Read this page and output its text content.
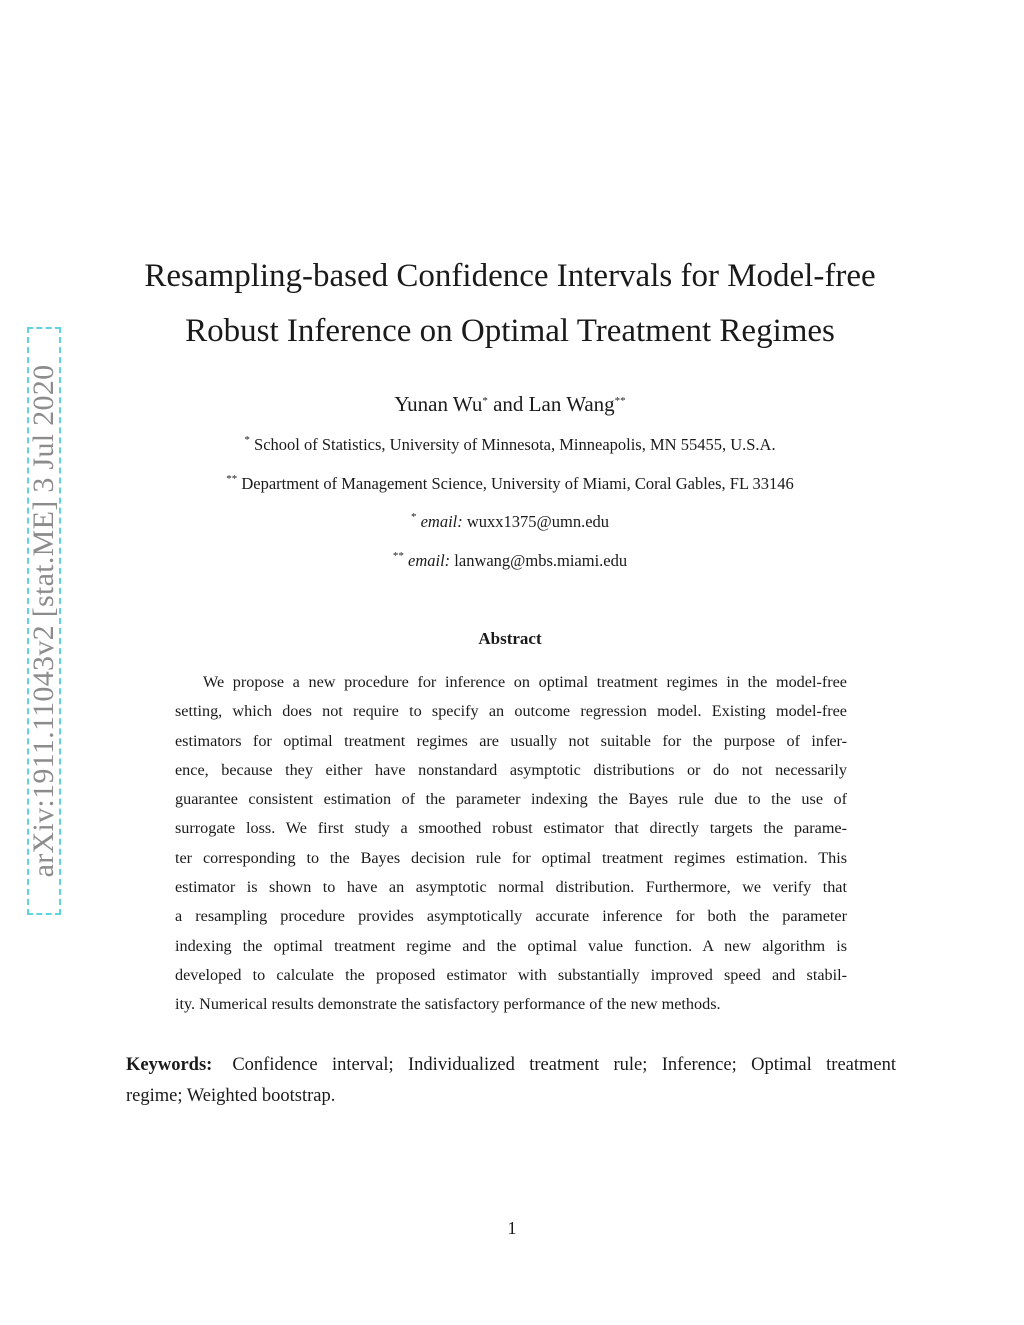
arXiv:1911.11043v2 [stat.ME] 3 Jul 2020
Resampling-based Confidence Intervals for Model-free
Robust Inference on Optimal Treatment Regimes
Yunan Wu* and Lan Wang**
* School of Statistics, University of Minnesota, Minneapolis, MN 55455, U.S.A.
** Department of Management Science, University of Miami, Coral Gables, FL 33146
* email: wuxx1375@umn.edu
** email: lanwang@mbs.miami.edu
Abstract
We propose a new procedure for inference on optimal treatment regimes in the model-free
setting, which does not require to specify an outcome regression model. Existing model-free
estimators for optimal treatment regimes are usually not suitable for the purpose of infer-
ence, because they either have nonstandard asymptotic distributions or do not necessarily
guarantee consistent estimation of the parameter indexing the Bayes rule due to the use of
surrogate loss. We first study a smoothed robust estimator that directly targets the parame-
ter corresponding to the Bayes decision rule for optimal treatment regimes estimation. This
estimator is shown to have an asymptotic normal distribution. Furthermore, we verify that
a resampling procedure provides asymptotically accurate inference for both the parameter
indexing the optimal treatment regime and the optimal value function. A new algorithm is
developed to calculate the proposed estimator with substantially improved speed and stabil-
ity. Numerical results demonstrate the satisfactory performance of the new methods.
Keywords: Confidence interval; Individualized treatment rule; Inference; Optimal treatment
regime; Weighted bootstrap.
1
